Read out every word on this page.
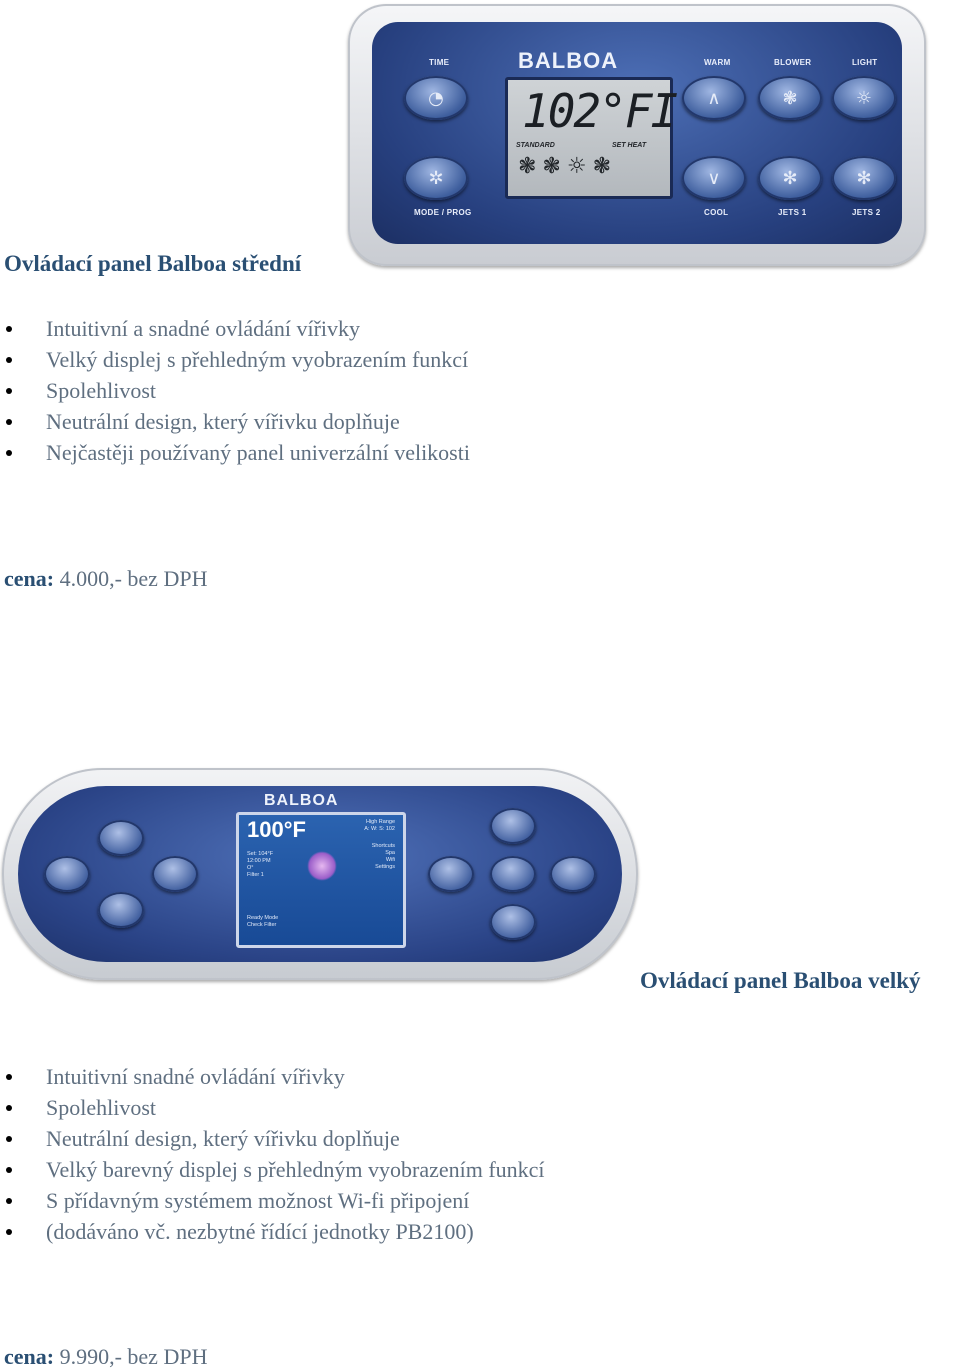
BALBOA
TIME	WARM	BLOWER	LIGHT
◔	∧	❃	☼
✲	∨	✻	✻
MODE / PROG	COOL	JETS 1	JETS 2
102°FI
STANDARD	SET HEAT
❃❃☼❃
Ovládací panel Balboa střední
Intuitivní a snadné ovládání vířivky
Velký displej s přehledným vyobrazením funkcí
Spolehlivost
Neutrální design, který vířivku doplňuje
Nejčastěji používaný panel univerzální velikosti
cena: 4.000,- bez DPH
BALBOA
100°F
Set: 104°F
12:00 PM
O°
Filter 1
High Range
A: W: S: 102
Shortcuts
Spa
Wifi
Settings
Ready Mode
Check Filter
Ovládací panel Balboa velký
Intuitivní snadné ovládání vířivky
Spolehlivost
Neutrální design, který vířivku doplňuje
Velký barevný displej s přehledným vyobrazením funkcí
S přídavným systémem možnost Wi-fi připojení
(dodáváno vč. nezbytné řídící jednotky PB2100)
cena: 9.990,- bez DPH
